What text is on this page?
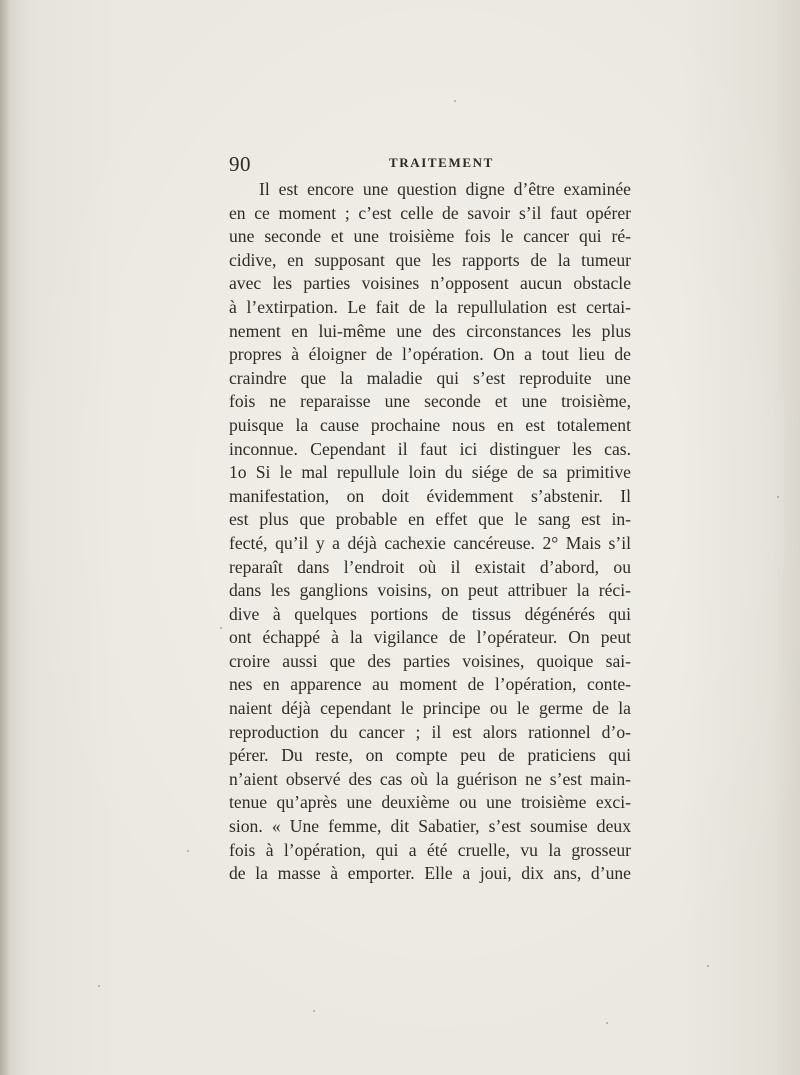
90	TRAITEMENT
Il est encore une question digne d’être examinée
en ce moment ; c’est celle de savoir s’il faut opérer
une seconde et une troisième fois le cancer qui ré-
cidive, en supposant que les rapports de la tumeur
avec les parties voisines n’opposent aucun obstacle
à l’extirpation. Le fait de la repullulation est certai-
nement en lui-même une des circonstances les plus
propres à éloigner de l’opération. On a tout lieu de
craindre que la maladie qui s’est reproduite une
fois ne reparaisse une seconde et une troisième,
puisque la cause prochaine nous en est totalement
inconnue. Cependant il faut ici distinguer les cas.
1o Si le mal repullule loin du siége de sa primitive
manifestation, on doit évidemment s’abstenir. Il
est plus que probable en effet que le sang est in-
fecté, qu’il y a déjà cachexie cancéreuse. 2° Mais s’il
reparaît dans l’endroit où il existait d’abord, ou
dans les ganglions voisins, on peut attribuer la réci-
dive à quelques portions de tissus dégénérés qui
ont échappé à la vigilance de l’opérateur. On peut
croire aussi que des parties voisines, quoique sai-
nes en apparence au moment de l’opération, conte-
naient déjà cependant le principe ou le germe de la
reproduction du cancer ; il est alors rationnel d’o-
pérer. Du reste, on compte peu de praticiens qui
n’aient observé des cas où la guérison ne s’est main-
tenue qu’après une deuxième ou une troisième exci-
sion. « Une femme, dit Sabatier, s’est soumise deux
fois à l’opération, qui a été cruelle, vu la grosseur
de la masse à emporter. Elle a joui, dix ans, d’une
